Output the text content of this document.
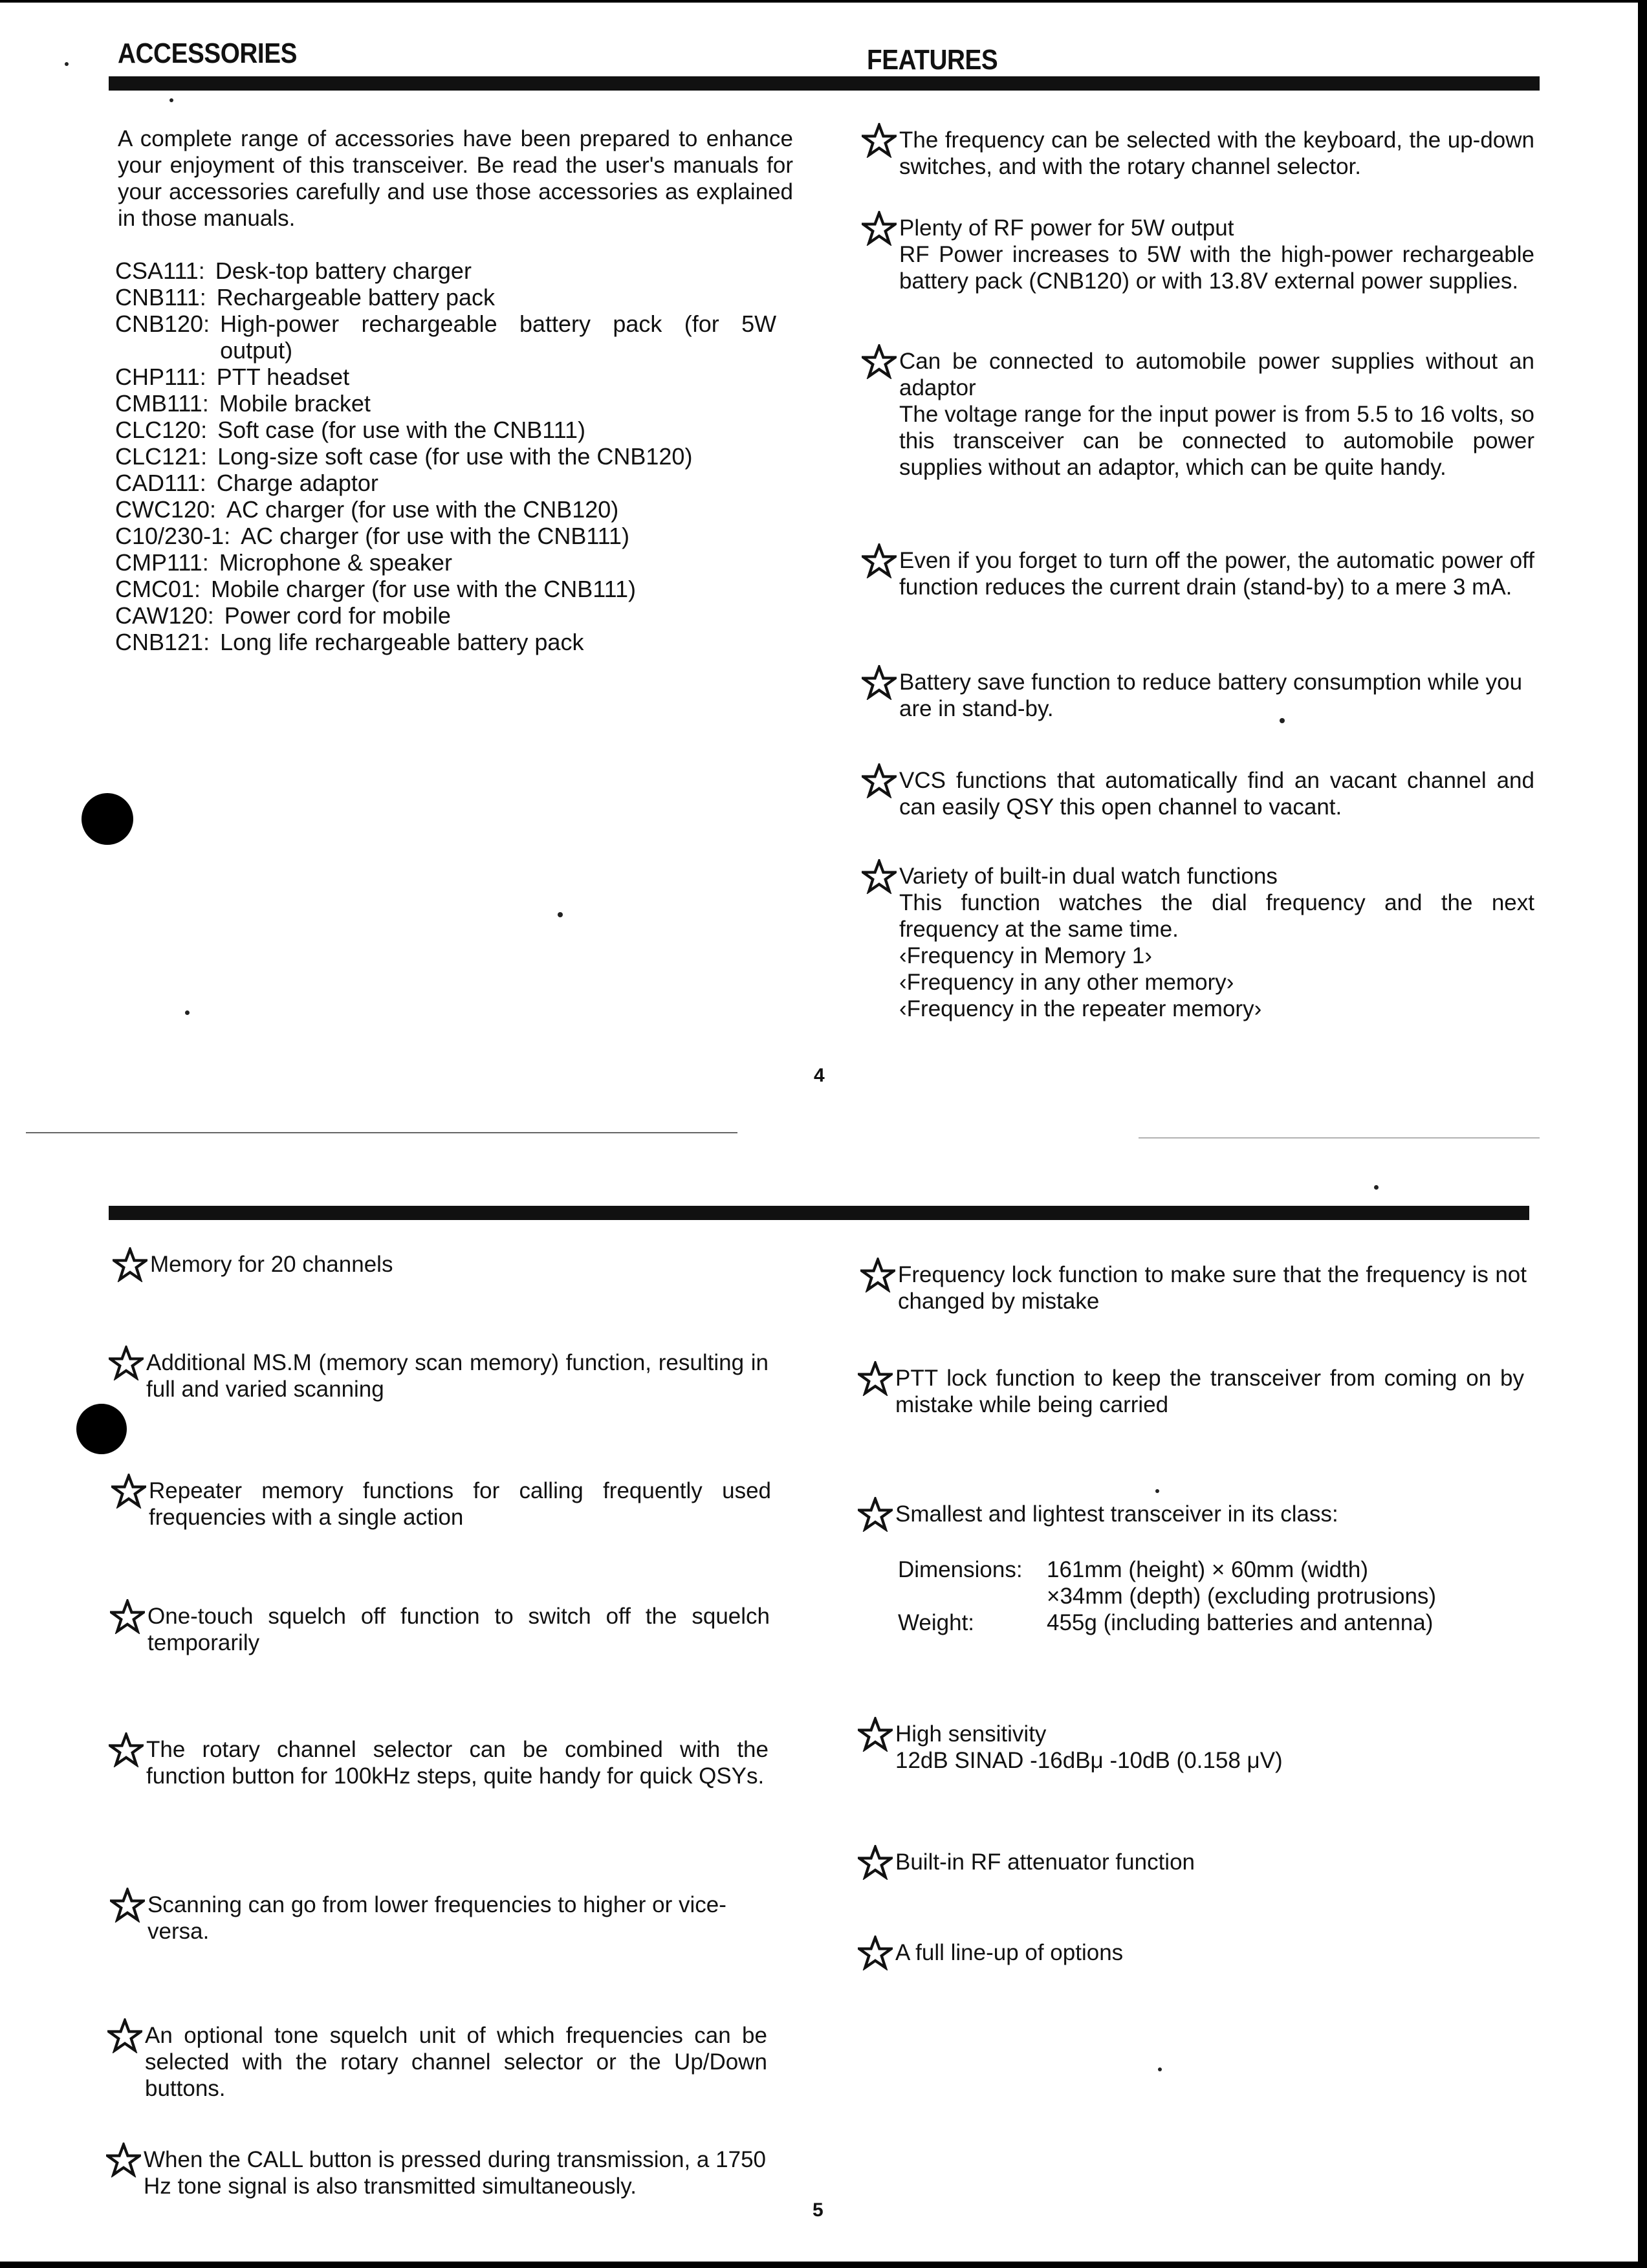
ACCESSORIES	FEATURES
A complete range of accessories have been prepared to enhance your enjoyment of this transceiver. Be read the user's manuals for your accessories carefully and use those accessories as explained in those manuals.
CSA111: Desk-top battery charger
CNB111: Rechargeable battery pack
CNB120: High-power rechargeable battery pack (for 5W output)
CHP111: PTT headset
CMB111: Mobile bracket
CLC120: Soft case (for use with the CNB111)
CLC121: Long-size soft case (for use with the CNB120)
CAD111: Charge adaptor
CWC120: AC charger (for use with the CNB120)
C10/230-1: AC charger (for use with the CNB111)
CMP111: Microphone & speaker
CMC01: Mobile charger (for use with the CNB111)
CAW120: Power cord for mobile
CNB121: Long life rechargeable battery pack
The frequency can be selected with the keyboard, the up-down switches, and with the rotary channel selector.
Plenty of RF power for 5W output
RF Power increases to 5W with the high-power rechargeable battery pack (CNB120) or with 13.8V external power supplies.
Can be connected to automobile power supplies without an adaptor
The voltage range for the input power is from 5.5 to 16 volts, so this transceiver can be connected to automobile power supplies without an adaptor, which can be quite handy.
Even if you forget to turn off the power, the automatic power off function reduces the current drain (stand-by) to a mere 3 mA.
Battery save function to reduce battery consumption while you are in stand-by.
VCS functions that automatically find an vacant channel and can easily QSY this open channel to vacant.
Variety of built-in dual watch functions
This function watches the dial frequency and the next frequency at the same time.
‹Frequency in Memory 1›
‹Frequency in any other memory›
‹Frequency in the repeater memory›
4
Memory for 20 channels
Additional MS.M (memory scan memory) function, resulting in full and varied scanning
Repeater memory functions for calling frequently used frequencies with a single action
One-touch squelch off function to switch off the squelch temporarily
The rotary channel selector can be combined with the function button for 100kHz steps, quite handy for quick QSYs.
Scanning can go from lower frequencies to higher or vice-versa.
An optional tone squelch unit of which frequencies can be selected with the rotary channel selector or the Up/Down buttons.
When the CALL button is pressed during transmission, a 1750 Hz tone signal is also transmitted simultaneously.
Frequency lock function to make sure that the frequency is not changed by mistake
PTT lock function to keep the transceiver from coming on by mistake while being carried
Smallest and lightest transceiver in its class:
High sensitivity
12dB SINAD -16dBμ -10dB (0.158 μV)
Built-in RF attenuator function
A full line-up of options
Dimensions:	161mm (height) × 60mm (width)
×34mm (depth) (excluding protrusions)
Weight:	455g (including batteries and antenna)
5
